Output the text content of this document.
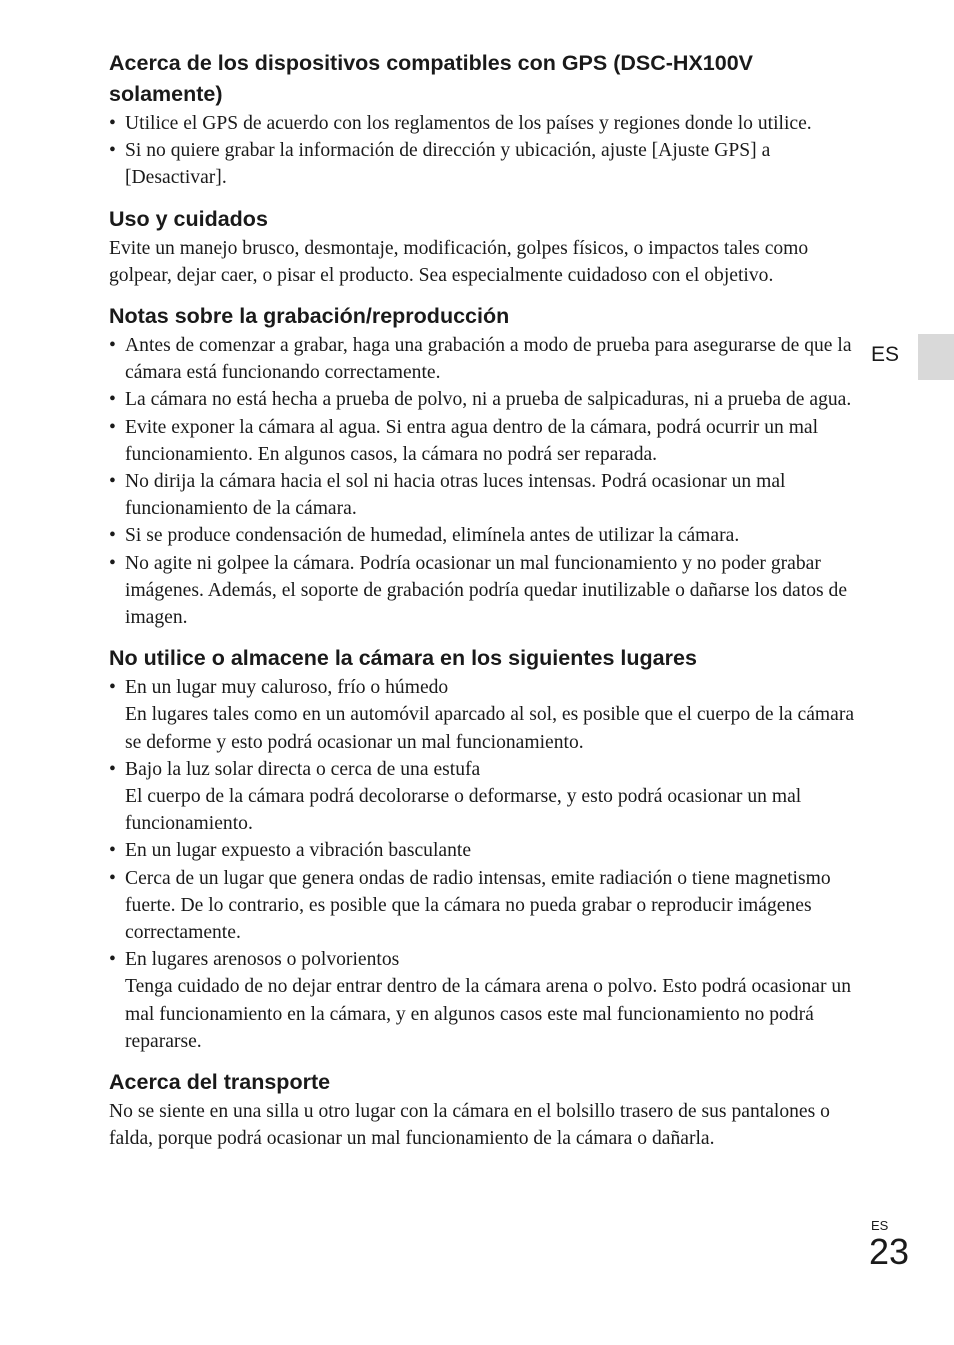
Acerca de los dispositivos compatibles con GPS (DSC-HX100V solamente)
• Utilice el GPS de acuerdo con los reglamentos de los países y regiones donde lo utilice.
• Si no quiere grabar la información de dirección y ubicación, ajuste [Ajuste GPS] a [Desactivar].
Uso y cuidados

Evite un manejo brusco, desmontaje, modificación, golpes físicos, o impactos tales como golpear, dejar caer, o pisar el producto. Sea especialmente cuidadoso con el objetivo.

Notas sobre la grabación/reproducción
• Antes de comenzar a grabar, haga una grabación a modo de prueba para asegurarse de que la cámara está funcionando correctamente.
• La cámara no está hecha a prueba de polvo, ni a prueba de salpicaduras, ni a prueba de agua.
• Evite exponer la cámara al agua. Si entra agua dentro de la cámara, podrá ocurrir un mal funcionamiento. En algunos casos, la cámara no podrá ser reparada.
• No dirija la cámara hacia el sol ni hacia otras luces intensas. Podrá ocasionar un mal funcionamiento de la cámara.
• Si se produce condensación de humedad, elimínela antes de utilizar la cámara.
• No agite ni golpee la cámara. Podría ocasionar un mal funcionamiento y no poder grabar imágenes. Además, el soporte de grabación podría quedar inutilizable o dañarse los datos de imagen.
No utilice o almacene la cámara en los siguientes lugares
• En un lugar muy caluroso, frío o húmedo
En lugares tales como en un automóvil aparcado al sol, es posible que el cuerpo de la cámara se deforme y esto podrá ocasionar un mal funcionamiento.
• Bajo la luz solar directa o cerca de una estufa
El cuerpo de la cámara podrá decolorarse o deformarse, y esto podrá ocasionar un mal funcionamiento.
• En un lugar expuesto a vibración basculante
• Cerca de un lugar que genera ondas de radio intensas, emite radiación o tiene magnetismo fuerte. De lo contrario, es posible que la cámara no pueda grabar o reproducir imágenes correctamente.
• En lugares arenosos o polvorientos
Tenga cuidado de no dejar entrar dentro de la cámara arena o polvo. Esto podrá ocasionar un mal funcionamiento en la cámara, y en algunos casos este mal funcionamiento no podrá repararse.
Acerca del transporte

No se siente en una silla u otro lugar con la cámara en el bolsillo trasero de sus pantalones o falda, porque podrá ocasionar un mal funcionamiento de la cámara o dañarla.

ES
ES
23
